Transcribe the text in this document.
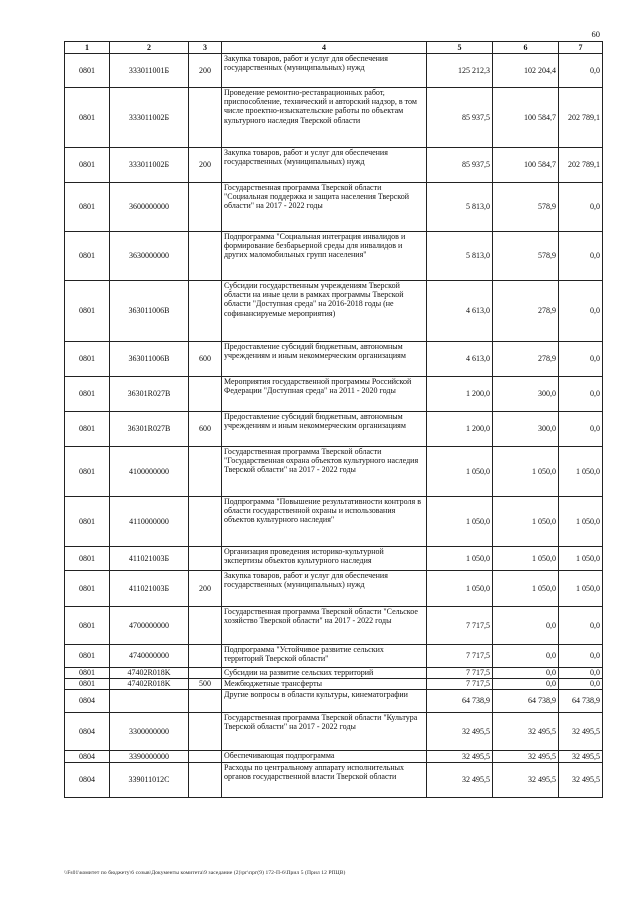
60
1	2	3	4	5	6	7
0801	333011001Б	200	Закупка товаров, работ и услуг для обеспечения государственных (муниципальных) нужд	125 212,3	102 204,4	0,0
0801	333011002Б		Проведение ремонтно-реставрационных работ, приспособление, технический и авторский надзор, в том числе проектно-изыскательские работы по объектам культурного наследия Тверской области	85 937,5	100 584,7	202 789,1
0801	333011002Б	200	Закупка товаров, работ и услуг для обеспечения государственных (муниципальных) нужд	85 937,5	100 584,7	202 789,1
0801	3600000000		Государственная программа Тверской области "Социальная поддержка и защита населения Тверской области" на 2017 - 2022 годы	5 813,0	578,9	0,0
0801	3630000000		Подпрограмма "Социальная интеграция инвалидов и формирование безбарьерной среды для инвалидов и других маломобильных групп населения"	5 813,0	578,9	0,0
0801	363011006В		Субсидии государственным учреждениям Тверской области на иные цели в рамках программы Тверской области "Доступная среда" на 2016-2018 годы (не софинансируемые мероприятия)	4 613,0	278,9	0,0
0801	363011006В	600	Предоставление субсидий бюджетным, автономным учреждениям и иным некоммерческим организациям	4 613,0	278,9	0,0
0801	36301R027В		Мероприятия государственной программы Российской Федерации "Доступная среда" на 2011 - 2020 годы	1 200,0	300,0	0,0
0801	36301R027В	600	Предоставление субсидий бюджетным, автономным учреждениям и иным некоммерческим организациям	1 200,0	300,0	0,0
0801	4100000000		Государственная программа Тверской области "Государственная охрана объектов культурного наследия Тверской области" на 2017 - 2022 годы	1 050,0	1 050,0	1 050,0
0801	4110000000		Подпрограмма "Повышение результативности контроля в области государственной охраны и использования объектов культурного наследия"	1 050,0	1 050,0	1 050,0
0801	411021003Б		Организация проведения историко-культурной экспертизы объектов культурного наследия	1 050,0	1 050,0	1 050,0
0801	411021003Б	200	Закупка товаров, работ и услуг для обеспечения государственных (муниципальных) нужд	1 050,0	1 050,0	1 050,0
0801	4700000000		Государственная программа Тверской области "Сельское хозяйство Тверской области" на 2017 - 2022 годы	7 717,5	0,0	0,0
0801	4740000000		Подпрограмма "Устойчивое развитие сельских территорий Тверской области"	7 717,5	0,0	0,0
0801	47402R018K		Субсидии на развитие сельских территорий	7 717,5	0,0	0,0
0801	47402R018K	500	Межбюджетные трансферты	7 717,5	0,0	0,0
0804			Другие вопросы в области культуры, кинематографии	64 738,9	64 738,9	64 738,9
0804	3300000000		Государственная программа Тверской области "Культура Тверской области" на 2017 - 2022 годы	32 495,5	32 495,5	32 495,5
0804	3390000000		Обеспечивающая подпрограмма	32 495,5	32 495,5	32 495,5
0804	339011012С		Расходы по центральному аппарату исполнительных органов государственной власти Тверской области	32 495,5	32 495,5	32 495,5
\\Fs01\комитет по бюджету\6 созыв\Документы комитета\9 заседание (2)\рг\прг(9) 172-П-6\Прил 5 (Прил 12 РПЦВ)
